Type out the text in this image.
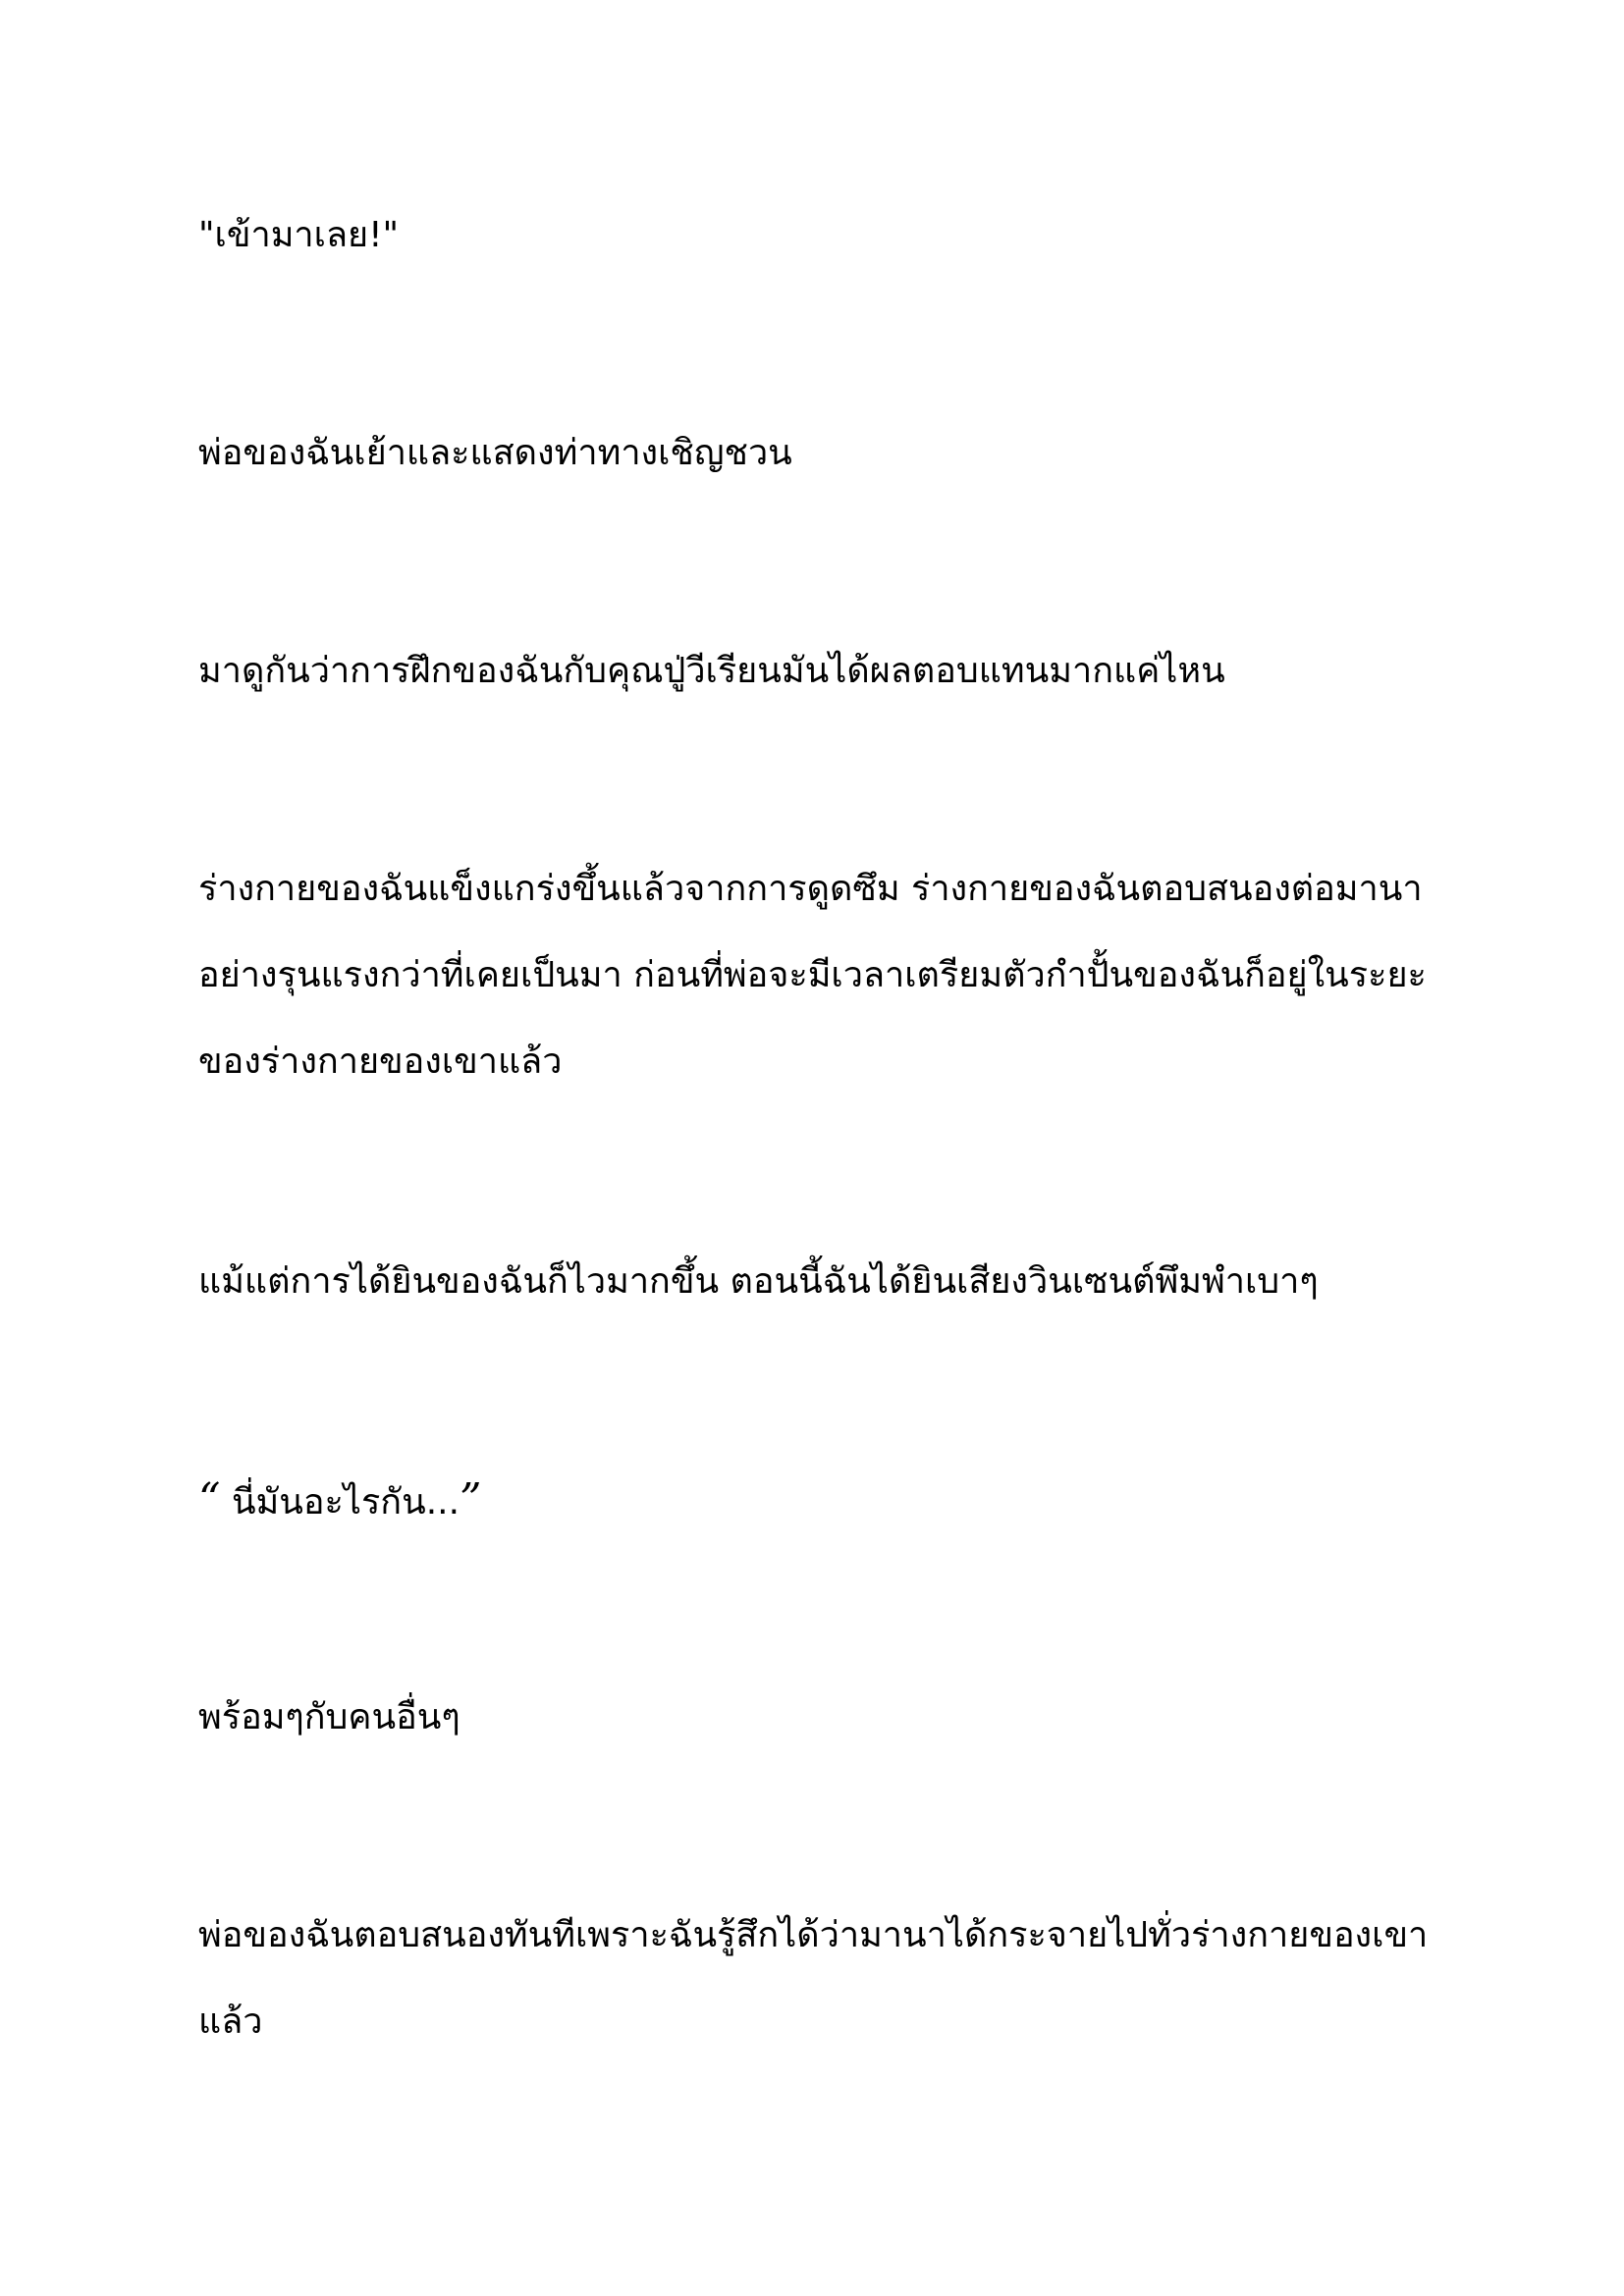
"เข้ามาเลย!"

พ่อของฉันเย้าและแสดงท่าทางเชิญชวน

มาดูกันว่าการฝึกของฉันกับคุณปู่วีเรียนมันได้ผลตอบแทนมากแค่ไหน

ร่างกายของฉันแข็งแกร่งขึ้นแล้วจากการดูดซึม ร่างกายของฉันตอบสนองต่อมานา
อย่างรุนแรงกว่าที่เคยเป็นมา ก่อนที่พ่อจะมีเวลาเตรียมตัวกำปั้นของฉันก็อยู่ในระยะ
ของร่างกายของเขาแล้ว

แม้แต่การได้ยินของฉันก็ไวมากขึ้น ตอนนี้ฉันได้ยินเสียงวินเซนต์พึมพำเบาๆ

“ นี่มันอะไรกัน...”

พร้อมๆกับคนอื่นๆ

พ่อของฉันตอบสนองทันทีเพราะฉันรู้สึกได้ว่ามานาได้กระจายไปทั่วร่างกายของเขา
แล้ว
